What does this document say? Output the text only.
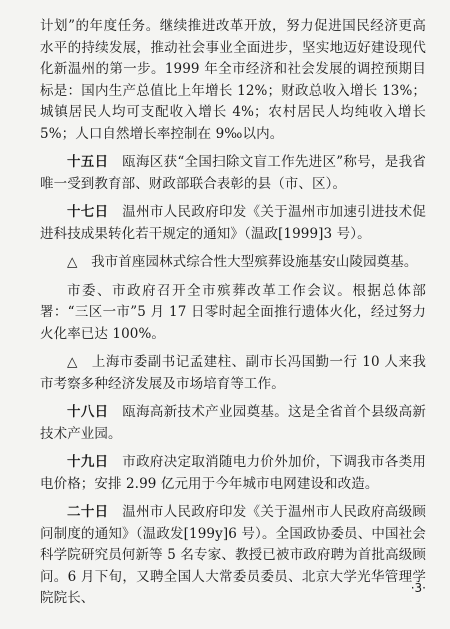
计划”的年度任务。继续推进改革开放，努力促进国民经济更高水平的持续发展，推动社会事业全面进步，坚实地迈好建设现代化新温州的第一步。1999 年全市经济和社会发展的调控预期目标是：国内生产总值比上年增长 12%；财政总收入增长 13%；城镇居民人均可支配收入增长 4%；农村居民人均纯收入增长 5%；人口自然增长率控制在 9‰以内。

十五日　 瓯海区获“全国扫除文盲工作先进区”称号，是我省唯一受到教育部、财政部联合表彰的县（市、区）。

十七日　 温州市人民政府印发《关于温州市加速引进技术促进科技成果转化若干规定的通知》（温政[1999]3 号）。

△　我市首座园林式综合性大型殡葬设施基安山陵园奠基。

市委、市政府召开全市殡葬改革工作会议。根据总体部署：“三区一市”5 月 17 日零时起全面推行遗体火化，经过努力火化率已达 100%。

△　上海市委副书记孟建柱、副市长冯国勤一行 10 人来我市考察多种经济发展及市场培育等工作。

十八日　 瓯海高新技术产业园奠基。这是全省首个县级高新技术产业园。

十九日　 市政府决定取消随电力价外加价，下调我市各类用电价格；安排 2.99 亿元用于今年城市电网建设和改造。

二十日　 温州市人民政府印发《关于温州市人民政府高级顾问制度的通知》（温政发[199y]6 号）。全国政协委员、中国社会科学院研究员何新等 5 名专家、教授已被市政府聘为首批高级顾问。6 月下旬，又聘全国人大常委员委员、北京大学光华管理学院院长、

·3·
